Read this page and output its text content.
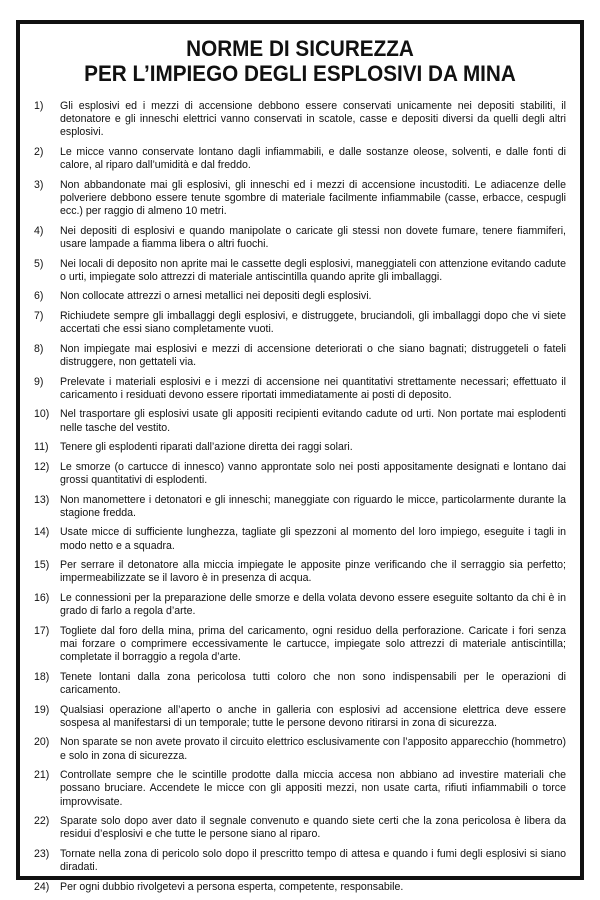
NORME DI SICUREZZA
PER L’IMPIEGO DEGLI ESPLOSIVI DA MINA
1)	Gli esplosivi ed i mezzi di accensione debbono essere conservati unicamente nei depositi stabiliti, il detonatore e gli inneschi elettrici vanno conservati in scatole, casse e depositi diversi da quelli degli altri esplosivi.
2)	Le micce vanno conservate lontano dagli infiammabili, e dalle sostanze oleose, solventi, e dalle fonti di calore, al riparo dall’umidità e dal freddo.
3)	Non abbandonate mai gli esplosivi, gli inneschi ed i mezzi di accensione incustoditi. Le adiacenze delle polveriere debbono essere tenute sgombre di materiale facilmente infiammabile (casse, erbacce, cespugli ecc.) per raggio di almeno 10 metri.
4)	Nei depositi di esplosivi e quando manipolate o caricate gli stessi non dovete fumare, tenere fiammiferi, usare lampade a fiamma libera o altri fuochi.
5)	Nei locali di deposito non aprite mai le cassette degli esplosivi, maneggiateli con attenzione evitando cadute o urti, impiegate solo attrezzi di materiale antiscintilla quando aprite gli imballaggi.
6)	Non collocate attrezzi o arnesi metallici nei depositi degli esplosivi.
7)	Richiudete sempre gli imballaggi degli esplosivi, e distruggete, bruciandoli, gli imballaggi dopo che vi siete accertati che essi siano completamente vuoti.
8)	Non impiegate mai esplosivi e mezzi di accensione deteriorati o che siano bagnati; distruggeteli o fateli distruggere, non gettateli via.
9)	Prelevate i materiali esplosivi e i mezzi di accensione nei quantitativi strettamente necessari; effettuato il caricamento i residuati devono essere riportati immediatamente ai posti di deposito.
10)	Nel trasportare gli esplosivi usate gli appositi recipienti evitando cadute od urti. Non portate mai esplodenti nelle tasche del vestito.
11)	Tenere gli esplodenti riparati dall’azione diretta dei raggi solari.
12)	Le smorze (o cartucce di innesco) vanno approntate solo nei posti appositamente designati e lontano dai grossi quantitativi di esplodenti.
13)	Non manomettere i detonatori e gli inneschi; maneggiate con riguardo le micce, particolarmente durante la stagione fredda.
14)	Usate micce di sufficiente lunghezza, tagliate gli spezzoni al momento del loro impiego, eseguite i tagli in modo netto e a squadra.
15)	Per serrare il detonatore alla miccia impiegate le apposite pinze verificando che il serraggio sia perfetto; impermeabilizzate se il lavoro è in presenza di acqua.
16)	Le connessioni per la preparazione delle smorze e della volata devono essere eseguite soltanto da chi è in grado di farlo a regola d’arte.
17)	Togliete dal foro della mina, prima del caricamento, ogni residuo della perforazione. Caricate i fori senza mai forzare o comprimere eccessivamente le cartucce, impiegate solo attrezzi di materiale antiscintilla; completate il borraggio a regola d’arte.
18)	Tenete lontani dalla zona pericolosa tutti coloro che non sono indispensabili per le operazioni di caricamento.
19)	Qualsiasi operazione all’aperto o anche in galleria con esplosivi ad accensione elettrica deve essere sospesa al manifestarsi di un temporale; tutte le persone devono ritirarsi in zona di sicurezza.
20)	Non sparate se non avete provato il circuito elettrico esclusivamente con l’apposito apparecchio (hommetro) e solo in zona di sicurezza.
21)	Controllate sempre che le scintille prodotte dalla miccia accesa non abbiano ad investire materiali che possano bruciare. Accendete le micce con gli appositi mezzi, non usate carta, rifiuti infiammabili o torce improvvisate.
22)	Sparate solo dopo aver dato il segnale convenuto e quando siete certi che la zona pericolosa è libera da residui d’esplosivi e che tutte le persone siano al riparo.
23)	Tornate nella zona di pericolo solo dopo il prescritto tempo di attesa e quando i fumi degli esplosivi si siano diradati.
24)	Per ogni dubbio rivolgetevi a persona esperta, competente, responsabile.
